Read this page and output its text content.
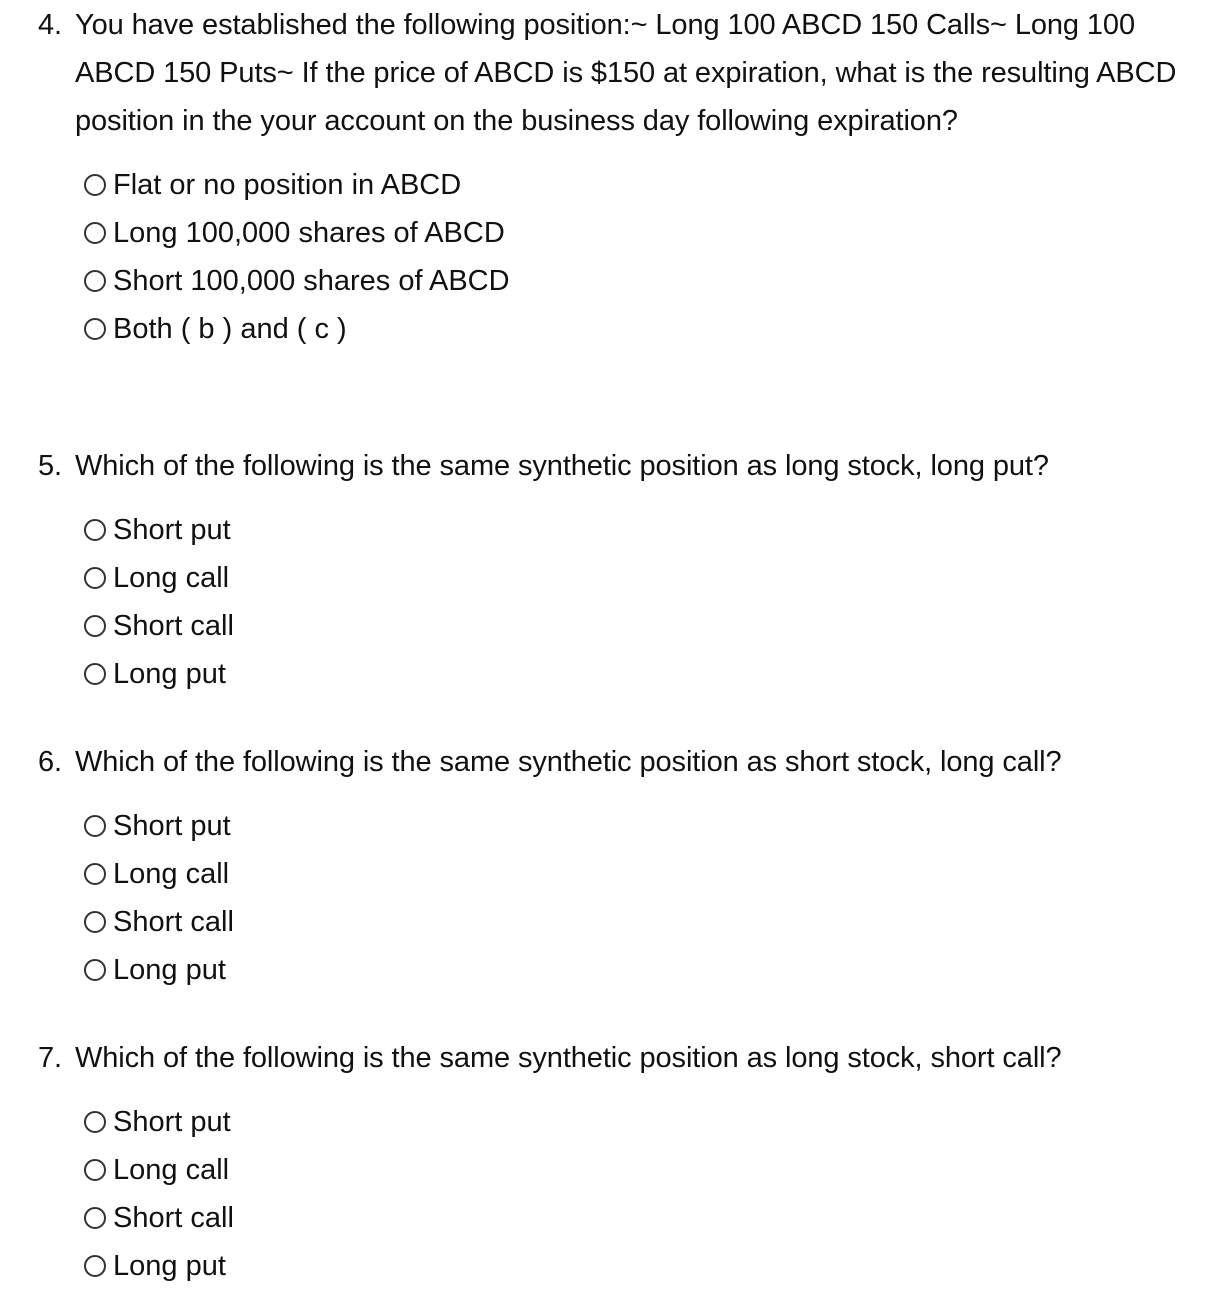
4. You have established the following position:~ Long 100 ABCD 150 Calls~ Long 100 ABCD 150 Puts~ If the price of ABCD is $150 at expiration, what is the resulting ABCD position in the your account on the business day following expiration?

Flat or no position in ABCD
Long 100,000 shares of ABCD
Short 100,000 shares of ABCD
Both ( b ) and ( c )

5. Which of the following is the same synthetic position as long stock, long put?

Short put
Long call
Short call
Long put

6. Which of the following is the same synthetic position as short stock, long call?

Short put
Long call
Short call
Long put

7. Which of the following is the same synthetic position as long stock, short call?

Short put
Long call
Short call
Long put
